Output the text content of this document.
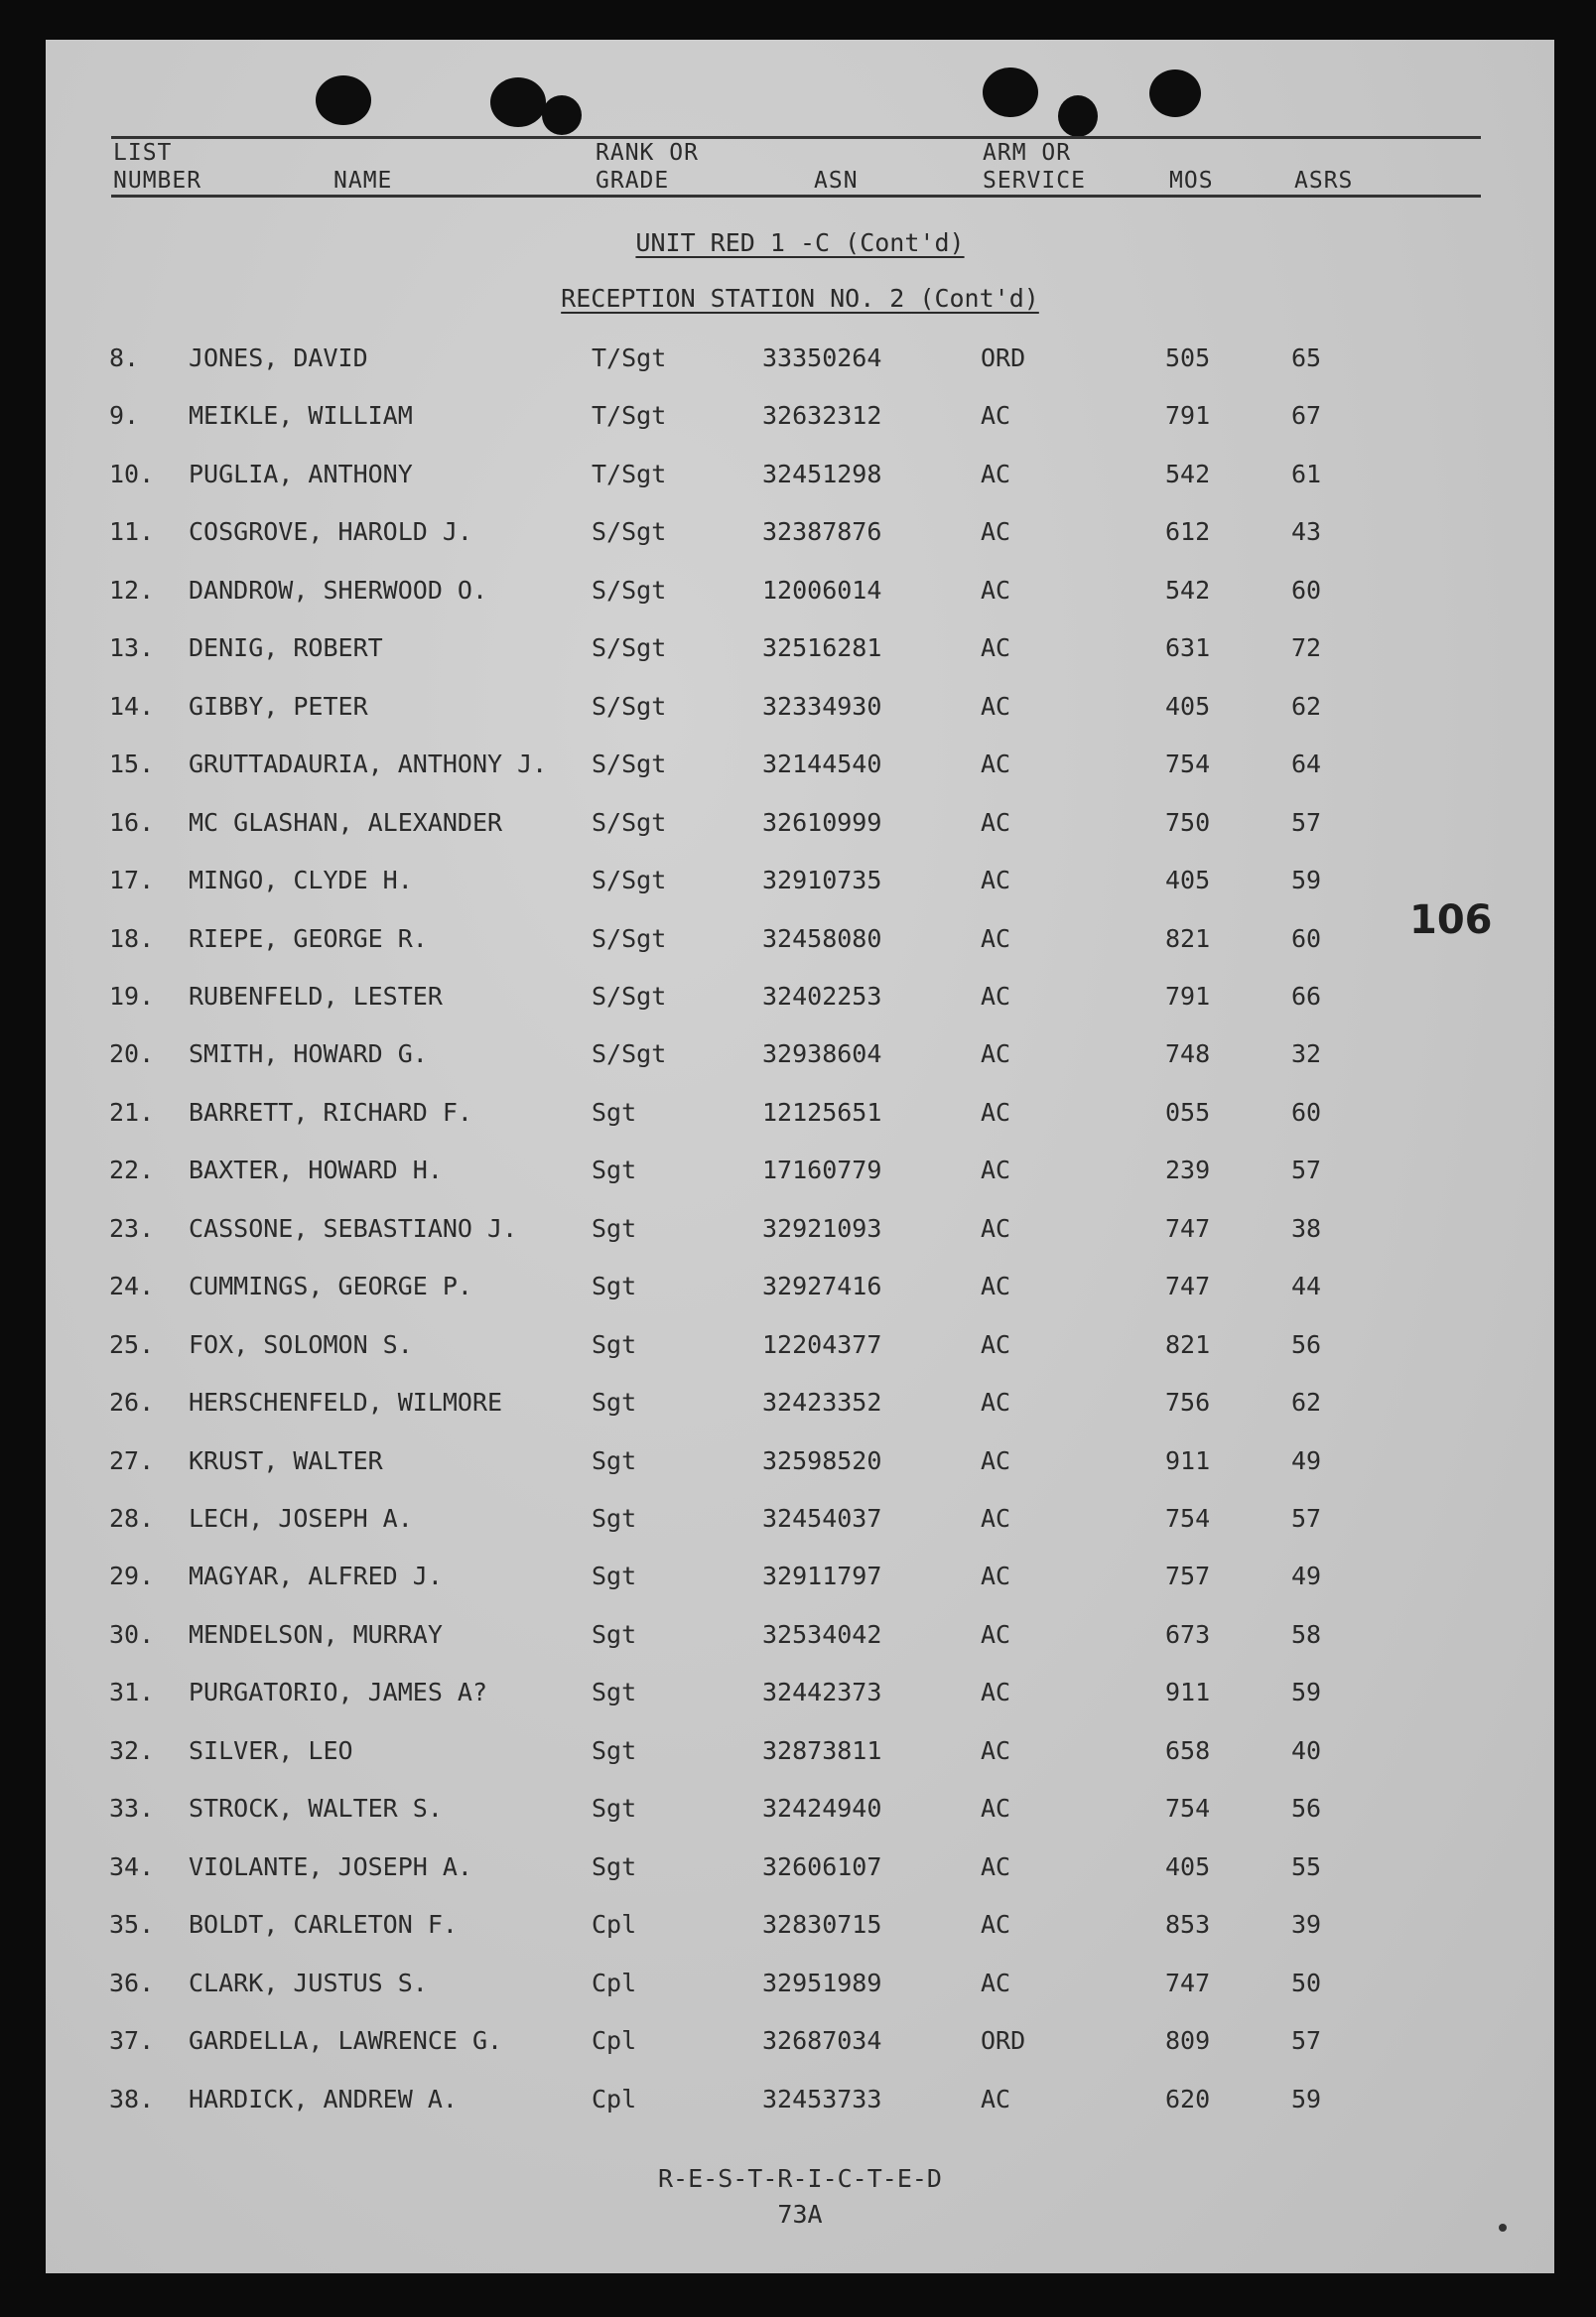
LIST
NUMBER	NAME
RANK OR
GRADE	ASN
ARM OR
SERVICE	MOS	ASRS
UNIT RED 1 -C (Cont'd)
RECEPTION STATION NO. 2 (Cont'd)
8.	JONES, DAVID	T/Sgt	33350264	ORD	505	65
9.	MEIKLE, WILLIAM	T/Sgt	32632312	AC	791	67
10.	PUGLIA, ANTHONY	T/Sgt	32451298	AC	542	61
11.	COSGROVE, HAROLD J.	S/Sgt	32387876	AC	612	43
12.	DANDROW, SHERWOOD O.	S/Sgt	12006014	AC	542	60
13.	DENIG, ROBERT	S/Sgt	32516281	AC	631	72
14.	GIBBY, PETER	S/Sgt	32334930	AC	405	62
15.	GRUTTADAURIA, ANTHONY J. S/Sgt	32144540	AC	754	64
16.	MC GLASHAN, ALEXANDER	S/Sgt	32610999	AC	750	57
17.	MINGO, CLYDE H.	S/Sgt	32910735	AC	405	59
18.	RIEPE, GEORGE R.	S/Sgt	32458080	AC	821	60
19.	RUBENFELD, LESTER	S/Sgt	32402253	AC	791	66
20.	SMITH, HOWARD G.	S/Sgt	32938604	AC	748	32
21.	BARRETT, RICHARD F.	Sgt	12125651	AC	055	60
22.	BAXTER, HOWARD H.	Sgt	17160779	AC	239	57
23.	CASSONE, SEBASTIANO J.	Sgt	32921093	AC	747	38
24.	CUMMINGS, GEORGE P.	Sgt	32927416	AC	747	44
25.	FOX, SOLOMON S.	Sgt	12204377	AC	821	56
26.	HERSCHENFELD, WILMORE	Sgt	32423352	AC	756	62
27.	KRUST, WALTER	Sgt	32598520	AC	911	49
28.	LECH, JOSEPH A.	Sgt	32454037	AC	754	57
29.	MAGYAR, ALFRED J.	Sgt	32911797	AC	757	49
30.	MENDELSON, MURRAY	Sgt	32534042	AC	673	58
31.	PURGATORIO, JAMES A?	Sgt	32442373	AC	911	59
32.	SILVER, LEO	Sgt	32873811	AC	658	40
33.	STROCK, WALTER S.	Sgt	32424940	AC	754	56
34.	VIOLANTE, JOSEPH A.	Sgt	32606107	AC	405	55
35.	BOLDT, CARLETON F.	Cpl	32830715	AC	853	39
36.	CLARK, JUSTUS S.	Cpl	32951989	AC	747	50
37.	GARDELLA, LAWRENCE G.	Cpl	32687034	ORD	809	57
38.	HARDICK, ANDREW A.	Cpl	32453733	AC	620	59
106
R-E-S-T-R-I-C-T-E-D
73A
